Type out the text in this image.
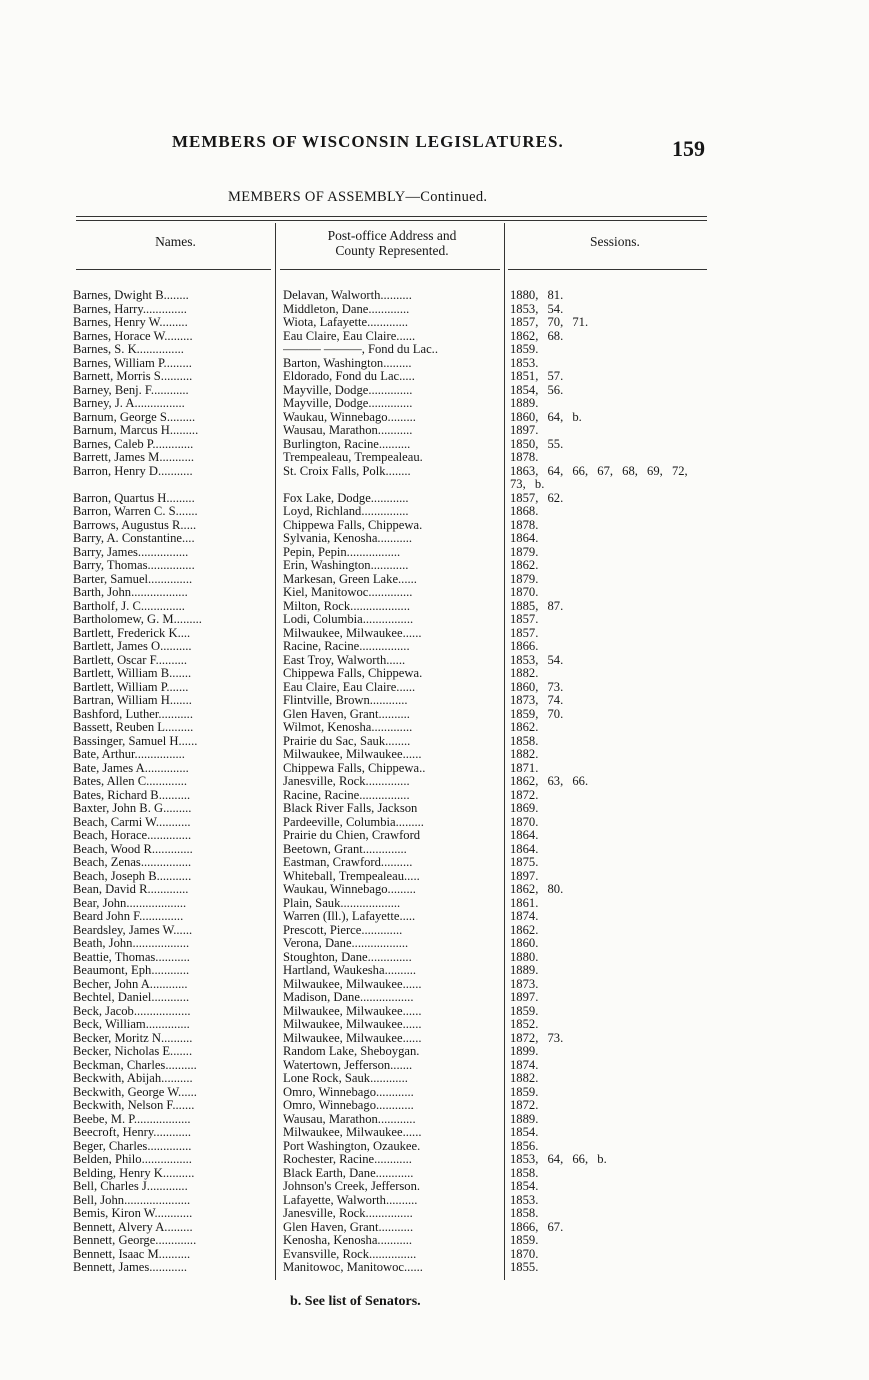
MEMBERS OF WISCONSIN LEGISLATURES.	159
MEMBERS OF ASSEMBLY—Continued.
Names.	Post-office Address and
County Represented.
Sessions.
Barnes, Dwight B........	Delavan, Walworth..........	1880, 81.
Barnes, Harry..............	Middleton, Dane.............	1853, 54.
Barnes, Henry W.........	Wiota, Lafayette.............	1857, 70, 71.
Barnes, Horace W.........	Eau Claire, Eau Claire......	1862, 68.
Barnes, S. K...............	——— ———, Fond du Lac..	1859.
Barnes, William P.........	Barton, Washington.........	1853.
Barnett, Morris S..........	Eldorado, Fond du Lac.....	1851, 57.
Barney, Benj. F............	Mayville, Dodge..............	1854, 56.
Barney, J. A................	Mayville, Dodge..............	1889.
Barnum, George S.........	Waukau, Winnebago.........	1860, 64, b.
Barnum, Marcus H.........	Wausau, Marathon...........	1897.
Barnes, Caleb P.............	Burlington, Racine..........	1850, 55.
Barrett, James M...........	Trempealeau, Trempealeau.	1878.
Barron, Henry D...........	St. Croix Falls, Polk........	1863, 64, 66, 67, 68, 69, 72,
73, b.
Barron, Quartus H.........	Fox Lake, Dodge............	1857, 62.
Barron, Warren C. S.......	Loyd, Richland...............	1868.
Barrows, Augustus R.....	Chippewa Falls, Chippewa.	1878.
Barry, A. Constantine....	Sylvania, Kenosha...........	1864.
Barry, James................	Pepin, Pepin.................	1879.
Barry, Thomas...............	Erin, Washington............	1862.
Barter, Samuel..............	Markesan, Green Lake......	1879.
Barth, John..................	Kiel, Manitowoc..............	1870.
Bartholf, J. C..............	Milton, Rock...................	1885, 87.
Bartholomew, G. M.........	Lodi, Columbia................	1857.
Bartlett, Frederick K....	Milwaukee, Milwaukee......	1857.
Bartlett, James O..........	Racine, Racine................	1866.
Bartlett, Oscar F..........	East Troy, Walworth......	1853, 54.
Bartlett, William B.......	Chippewa Falls, Chippewa.	1882.
Bartlett, William P.......	Eau Claire, Eau Claire......	1860, 73.
Bartran, William H.......	Flintville, Brown............	1873, 74.
Bashford, Luther...........	Glen Haven, Grant..........	1859, 70.
Bassett, Reuben L.........	Wilmot, Kenosha.............	1862.
Bassinger, Samuel H......	Prairie du Sac, Sauk........	1858.
Bate, Arthur................	Milwaukee, Milwaukee......	1882.
Bate, James A..............	Chippewa Falls, Chippewa..	1871.
Bates, Allen C.............	Janesville, Rock..............	1862, 63, 66.
Bates, Richard B..........	Racine, Racine................	1872.
Baxter, John B. G.........	Black River Falls, Jackson	1869.
Beach, Carmi W...........	Pardeeville, Columbia.........	1870.
Beach, Horace..............	Prairie du Chien, Crawford	1864.
Beach, Wood R.............	Beetown, Grant..............	1864.
Beach, Zenas................	Eastman, Crawford..........	1875.
Beach, Joseph B...........	Whiteball, Trempealeau.....	1897.
Bean, David R.............	Waukau, Winnebago.........	1862, 80.
Bear, John...................	Plain, Sauk...................	1861.
Beard John F..............	Warren (Ill.), Lafayette.....	1874.
Beardsley, James W......	Prescott, Pierce.............	1862.
Beath, John..................	Verona, Dane..................	1860.
Beattie, Thomas...........	Stoughton, Dane..............	1880.
Beaumont, Eph............	Hartland, Waukesha..........	1889.
Becher, John A............	Milwaukee, Milwaukee......	1873.
Bechtel, Daniel............	Madison, Dane.................	1897.
Beck, Jacob..................	Milwaukee, Milwaukee......	1859.
Beck, William..............	Milwaukee, Milwaukee......	1852.
Becker, Moritz N..........	Milwaukee, Milwaukee......	1872, 73.
Becker, Nicholas E.......	Random Lake, Sheboygan.	1899.
Beckman, Charles..........	Watertown, Jefferson.......	1874.
Beckwith, Abijah..........	Lone Rock, Sauk............	1882.
Beckwith, George W......	Omro, Winnebago............	1859.
Beckwith, Nelson F.......	Omro, Winnebago............	1872.
Beebe, M. P..................	Wausau, Marathon............	1889.
Beecroft, Henry............	Milwaukee, Milwaukee......	1854.
Beger, Charles..............	Port Washington, Ozaukee.	1856.
Belden, Philo................	Rochester, Racine............	1853, 64, 66, b.
Belding, Henry K..........	Black Earth, Dane............	1858.
Bell, Charles J.............	Johnson's Creek, Jefferson.	1854.
Bell, John.....................	Lafayette, Walworth..........	1853.
Bemis, Kiron W............	Janesville, Rock...............	1858.
Bennett, Alvery A.........	Glen Haven, Grant...........	1866, 67.
Bennett, George.............	Kenosha, Kenosha...........	1859.
Bennett, Isaac M..........	Evansville, Rock...............	1870.
Bennett, James............	Manitowoc, Manitowoc......	1855.
b. See list of Senators.
